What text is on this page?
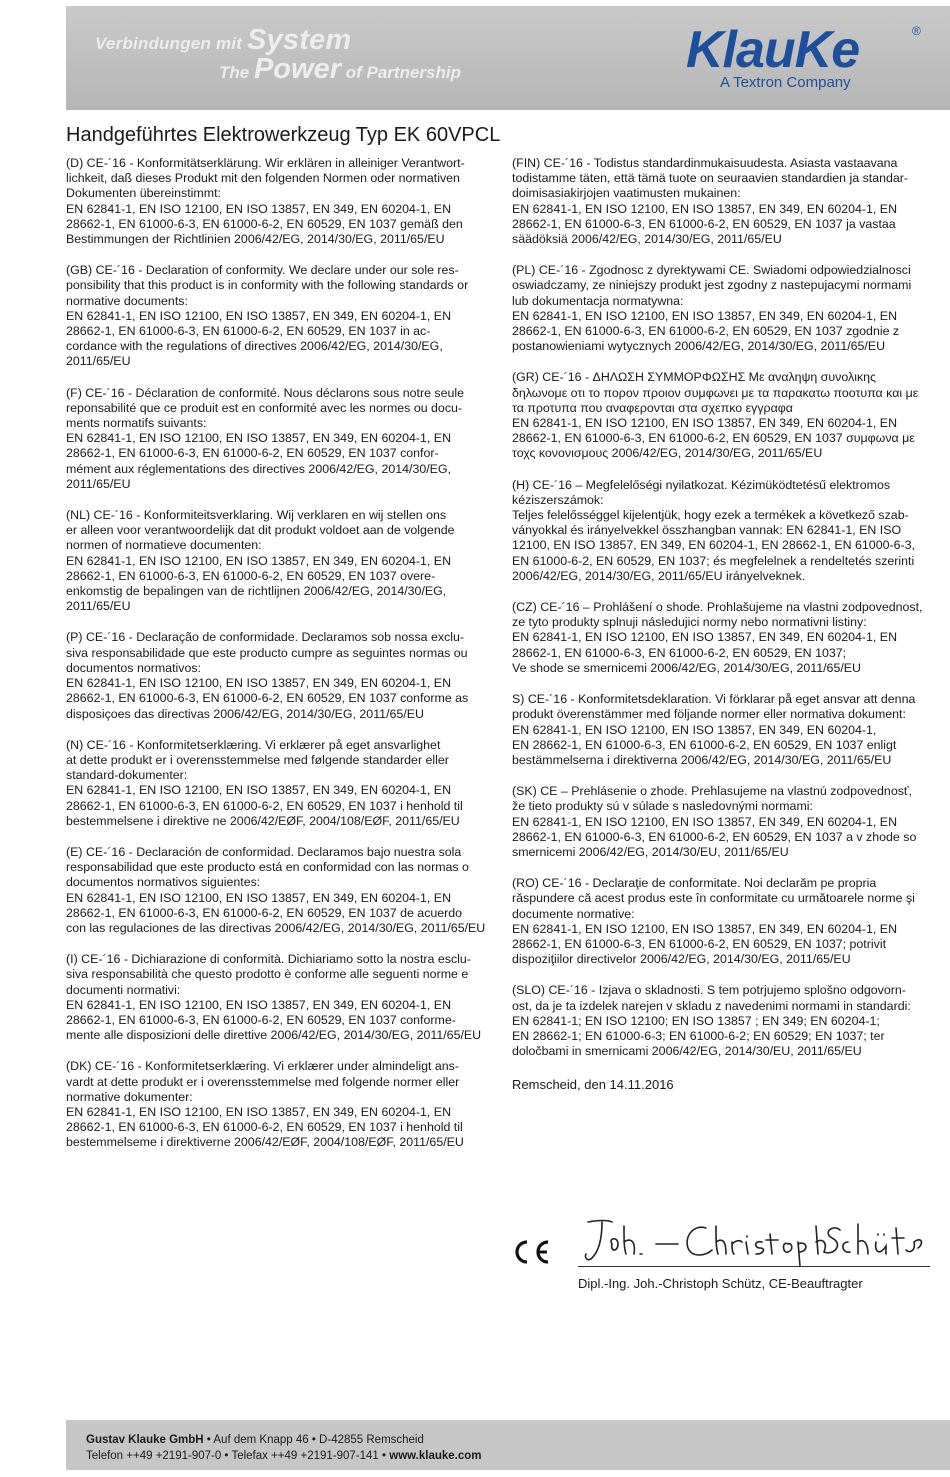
Verbindungen mit System
The Power of Partnership	KlauKe	®
A Textron Company
Handgeführtes Elektrowerkzeug Typ EK 60VPCL

(D) CE-´16 - Konformitätserklärung. Wir erklären in alleiniger Verantwort-
lichkeit, daß dieses Produkt mit den folgenden Normen oder normativen
Dokumenten übereinstimmt:
EN 62841-1, EN ISO 12100, EN ISO 13857, EN 349, EN 60204-1, EN
28662-1, EN 61000-6-3, EN 61000-6-2, EN 60529, EN 1037 gemäß den
Bestimmungen der Richtlinien 2006/42/EG, 2014/30/EG, 2011/65/EU

(GB) CE-´16 - Declaration of conformity. We declare under our sole res-
ponsibility that this product is in conformity with the following standards or
normative documents:
EN 62841-1, EN ISO 12100, EN ISO 13857, EN 349, EN 60204-1, EN
28662-1, EN 61000-6-3, EN 61000-6-2, EN 60529, EN 1037 in ac-
cordance with the regulations of directives 2006/42/EG, 2014/30/EG,
2011/65/EU

(F) CE-´16 - Déclaration de conformité. Nous déclarons sous notre seule
reponsabilité que ce produit est en conformité avec les normes ou docu-
ments normatifs suivants:
EN 62841-1, EN ISO 12100, EN ISO 13857, EN 349, EN 60204-1, EN
28662-1, EN 61000-6-3, EN 61000-6-2, EN 60529, EN 1037 confor-
mément aux réglementations des directives 2006/42/EG, 2014/30/EG,
2011/65/EU

(NL) CE-´16 - Konformiteitsverklaring. Wij verklaren en wij stellen ons
er alleen voor verantwoordelijk dat dit produkt voldoet aan de volgende
normen of normatieve documenten:
EN 62841-1, EN ISO 12100, EN ISO 13857, EN 349, EN 60204-1, EN
28662-1, EN 61000-6-3, EN 61000-6-2, EN 60529, EN 1037 overe-
enkomstig de bepalingen van de richtlijnen 2006/42/EG, 2014/30/EG,
2011/65/EU

(P) CE-´16 - Declaração de conformidade. Declaramos sob nossa exclu-
siva responsabilidade que este producto cumpre as seguintes normas ou
documentos normativos:
EN 62841-1, EN ISO 12100, EN ISO 13857, EN 349, EN 60204-1, EN
28662-1, EN 61000-6-3, EN 61000-6-2, EN 60529, EN 1037 conforme as
disposiçoes das directivas 2006/42/EG, 2014/30/EG, 2011/65/EU

(N) CE-´16 - Konformitetserklæring. Vi erklærer på eget ansvarlighet
at dette produkt er i overensstemmelse med følgende standarder eller
standard-dokumenter:
EN 62841-1, EN ISO 12100, EN ISO 13857, EN 349, EN 60204-1, EN
28662-1, EN 61000-6-3, EN 61000-6-2, EN 60529, EN 1037 i henhold til
bestemmelsene i direktive ne 2006/42/EØF, 2004/108/EØF, 2011/65/EU

(E) CE-´16 - Declaración de conformidad. Declaramos bajo nuestra sola
responsabilidad que este producto está en conformidad con las normas o
documentos normativos siguientes:
EN 62841-1, EN ISO 12100, EN ISO 13857, EN 349, EN 60204-1, EN
28662-1, EN 61000-6-3, EN 61000-6-2, EN 60529, EN 1037 de acuerdo
con las regulaciones de las directivas 2006/42/EG, 2014/30/EG, 2011/65/EU

(I) CE-´16 - Dichiarazione di conformità. Dichiariamo sotto la nostra esclu-
siva responsabilità che questo prodotto è conforme alle seguenti norme e
documenti normativi:
EN 62841-1, EN ISO 12100, EN ISO 13857, EN 349, EN 60204-1, EN
28662-1, EN 61000-6-3, EN 61000-6-2, EN 60529, EN 1037 conforme-
mente alle disposizioni delle direttive 2006/42/EG, 2014/30/EG, 2011/65/EU

(DK) CE-´16 - Konformitetserklæring. Vi erklærer under almindeligt ans-
vardt at dette produkt er i overensstemmelse med folgende normer eller
normative dokumenter:
EN 62841-1, EN ISO 12100, EN ISO 13857, EN 349, EN 60204-1, EN
28662-1, EN 61000-6-3, EN 61000-6-2, EN 60529, EN 1037 i henhold til
bestemmelseme i direktiverne 2006/42/EØF, 2004/108/EØF, 2011/65/EU

(FIN) CE-´16 - Todistus standardinmukaisuudesta. Asiasta vastaavana
todistamme täten, että tämä tuote on seuraavien standardien ja standar-
doimisasiakirjojen vaatimusten mukainen:
EN 62841-1, EN ISO 12100, EN ISO 13857, EN 349, EN 60204-1, EN
28662-1, EN 61000-6-3, EN 61000-6-2, EN 60529, EN 1037 ja vastaa
säädöksiä 2006/42/EG, 2014/30/EG, 2011/65/EU

(PL) CE-´16 - Zgodnosc z dyrektywami CE. Swiadomi odpowiedzialnosci
oswiadczamy, ze niniejszy produkt jest zgodny z nastepujacymi normami
lub dokumentacja normatywna:
EN 62841-1, EN ISO 12100, EN ISO 13857, EN 349, EN 60204-1, EN
28662-1, EN 61000-6-3, EN 61000-6-2, EN 60529, EN 1037 zgodnie z
postanowieniami wytycznych 2006/42/EG, 2014/30/EG, 2011/65/EU

(GR) CE-´16 - ΔΗΛΩΣΗ ΣΥΜΜΟΡΦΩΣΗΣ Με αναληψη συνολικης
δηλωνομε οτι το πορον προιον συμφωνει με τα παρακατω ποοτυπα και με
τα προτυπα που αναφερονται στα σχεπκο εγγραφα
EN 62841-1, EN ISO 12100, EN ISO 13857, EN 349, EN 60204-1, EN
28662-1, EN 61000-6-3, EN 61000-6-2, EN 60529, EN 1037 συμφωνα με
τοχς κονονισμους 2006/42/EG, 2014/30/EG, 2011/65/EU

(H) CE-´16 – Megfelelőségi nyilatkozat. Kézimüködtetésű elektromos
kéziszerszámok:
Teljes felelősséggel kijelentjük, hogy ezek a termékek a következő szab-
ványokkal és irányelvekkel összhangban vannak: EN 62841-1, EN ISO
12100, EN ISO 13857, EN 349, EN 60204-1, EN 28662-1, EN 61000-6-3,
EN 61000-6-2, EN 60529, EN 1037; és megfelelnek a rendeltetés szerinti
2006/42/EG, 2014/30/EG, 2011/65/EU irányelveknek.

(CZ) CE-´16 – Prohlášení o shode. Prohlašujeme na vlastni zodpovednost,
ze tyto produkty splnuji následujici normy nebo normativni listiny:
EN 62841-1, EN ISO 12100, EN ISO 13857, EN 349, EN 60204-1, EN
28662-1, EN 61000-6-3, EN 61000-6-2, EN 60529, EN 1037;
Ve shode se smernicemi 2006/42/EG, 2014/30/EG, 2011/65/EU

S) CE-´16 - Konformitetsdeklaration. Vi förklarar på eget ansvar att denna
produkt överenstämmer med följande normer eller normativa dokument:
EN 62841-1, EN ISO 12100, EN ISO 13857, EN 349, EN 60204-1,
EN 28662-1, EN 61000-6-3, EN 61000-6-2, EN 60529, EN 1037 enligt
bestämmelserna i direktiverna 2006/42/EG, 2014/30/EG, 2011/65/EU

(SK) CE – Prehlásenie o zhode. Prehlasujeme na vlastnú zodpovednosť,
že tieto produkty sú v súlade s nasledovnými normami:
EN 62841-1, EN ISO 12100, EN ISO 13857, EN 349, EN 60204-1, EN
28662-1, EN 61000-6-3, EN 61000-6-2, EN 60529, EN 1037 a v zhode so
smernicemi 2006/42/EG, 2014/30/EU, 2011/65/EU

(RO) CE-´16 - Declaraţie de conformitate. Noi declarăm pe propria
răspundere că acest produs este în conformitate cu următoarele norme şi
documente normative:
EN 62841-1, EN ISO 12100, EN ISO 13857, EN 349, EN 60204-1, EN
28662-1, EN 61000-6-3, EN 61000-6-2, EN 60529, EN 1037; potrivit
dispoziţiilor directivelor 2006/42/EG, 2014/30/EG, 2011/65/EU

(SLO) CE-´16 - Izjava o skladnosti. S tem potrjujemo splošno odgovorn-
ost, da je ta izdelek narejen v skladu z navedenimi normami in standardi:
EN 62841-1; EN ISO 12100; EN ISO 13857 ; EN 349; EN 60204-1;
EN 28662-1; EN 61000-6-3; EN 61000-6-2; EN 60529; EN 1037; ter
določbami in smernicami 2006/42/EG, 2014/30/EU, 2011/65/EU

Remscheid, den 14.11.2016
Dipl.-Ing. Joh.-Christoph Schütz, CE-Beauftragter
Gustav Klauke GmbH • Auf dem Knapp 46 • D-42855 Remscheid
Telefon ++49 +2191-907-0 • Telefax ++49 +2191-907-141 • www.klauke.com
